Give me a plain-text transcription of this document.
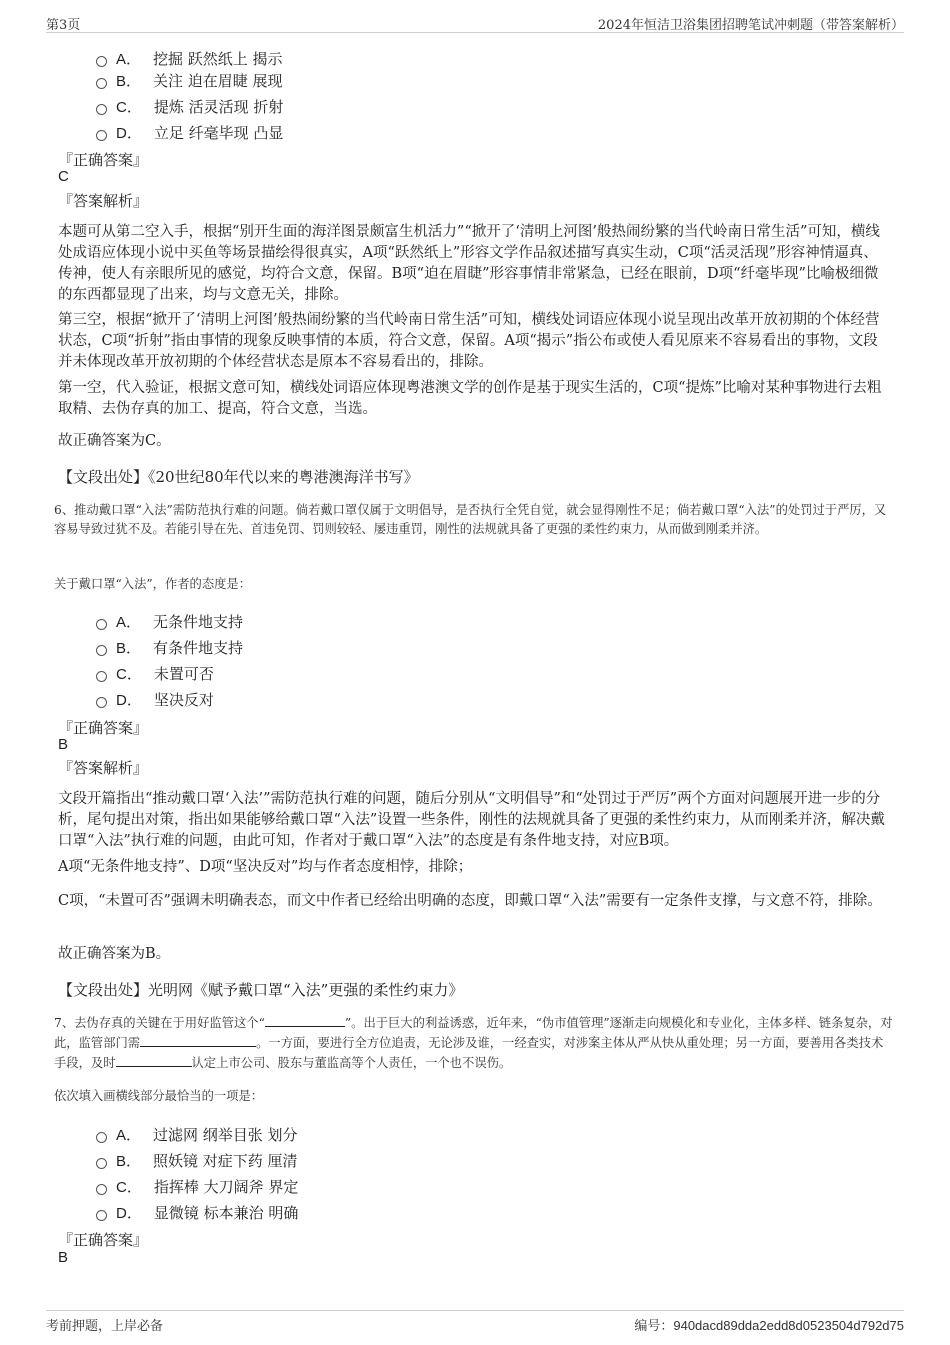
第3页	2024年恒洁卫浴集团招聘笔试冲刺题（带答案解析）
A． 挖掘 跃然纸上 揭示
B． 关注 迫在眉睫 展现
C． 提炼 活灵活现 折射
D． 立足 纤毫毕现 凸显
『正确答案』
C
『答案解析』
本题可从第二空入手，根据“别开生面的海洋图景颇富生机活力”“掀开了‘清明上河图’般热闹纷繁的当代岭南日常生活”可知，横线处成语应体现小说中买鱼等场景描绘得很真实，A项“跃然纸上”形容文学作品叙述描写真实生动，C项“活灵活现”形容神情逼真、传神，使人有亲眼所见的感觉，均符合文意，保留。B项“迫在眉睫”形容事情非常紧急，已经在眼前，D项“纤毫毕现”比喻极细微的东西都显现了出来，均与文意无关，排除。
第三空，根据“掀开了‘清明上河图’般热闹纷繁的当代岭南日常生活”可知，横线处词语应体现小说呈现出改革开放初期的个体经营状态，C项“折射”指由事情的现象反映事情的本质，符合文意，保留。A项“揭示”指公布或使人看见原来不容易看出的事物，文段并未体现改革开放初期的个体经营状态是原本不容易看出的，排除。
第一空，代入验证，根据文意可知，横线处词语应体现粤港澳文学的创作是基于现实生活的，C项“提炼”比喻对某种事物进行去粗取精、去伪存真的加工、提高，符合文意，当选。
故正确答案为C。
【文段出处】《20世纪80年代以来的粤港澳海洋书写》
6、推动戴口罩“入法”需防范执行难的问题。倘若戴口罩仅属于文明倡导，是否执行全凭自觉，就会显得刚性不足；倘若戴口罩“入法”的处罚过于严厉，又容易导致过犹不及。若能引导在先、首违免罚、罚则较轻、屡违重罚，刚性的法规就具备了更强的柔性约束力，从而做到刚柔并济。
关于戴口罩“入法”，作者的态度是：
A． 无条件地支持
B． 有条件地支持
C． 未置可否
D． 坚决反对
『正确答案』
B
『答案解析』
文段开篇指出“推动戴口罩‘入法’”需防范执行难的问题，随后分别从“文明倡导”和“处罚过于严厉”两个方面对问题展开进一步的分析，尾句提出对策，指出如果能够给戴口罩“入法”设置一些条件，刚性的法规就具备了更强的柔性约束力，从而刚柔并济，解决戴口罩“入法”执行难的问题，由此可知，作者对于戴口罩“入法”的态度是有条件地支持，对应B项。
A项“无条件地支持”、D项“坚决反对”均与作者态度相悖，排除；
C项，“未置可否”强调未明确表态，而文中作者已经给出明确的态度，即戴口罩“入法”需要有一定条件支撑，与文意不符，排除。
故正确答案为B。
【文段出处】光明网《赋予戴口罩“入法”更强的柔性约束力》
7、去伪存真的关键在于用好监管这个“	”。出于巨大的利益诱惑，近年来，“伪市值管理”逐渐走向规模化和专业化，主体多样、链条复杂，对此，监管部门需	。一方面，要进行全方位追责，无论涉及谁，一经查实，对涉案主体从严从快从重处理；另一方面，要善用各类技术手段，及时	认定上市公司、股东与董监高等个人责任，一个也不误伤。
依次填入画横线部分最恰当的一项是：
A． 过滤网 纲举目张 划分
B． 照妖镜 对症下药 厘清
C． 指挥棒 大刀阔斧 界定
D． 显微镜 标本兼治 明确
『正确答案』
B
考前押题，上岸必备	编号：940dacd89dda2edd8d0523504d792d75
